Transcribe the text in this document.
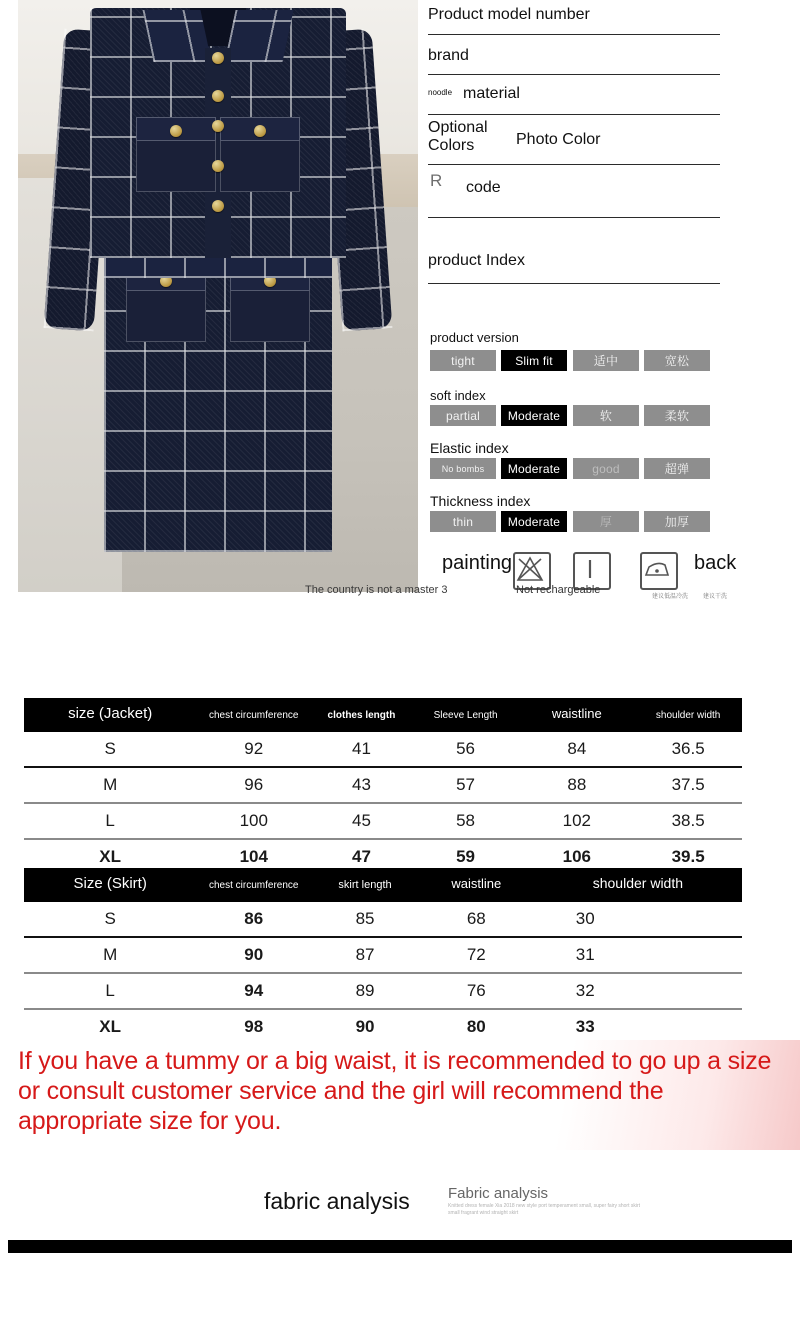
The country is not a master 3
Product model number
brand
noodle material
Optional Colors	Photo Color
R code
product Index
product version
tight	Slim fit	适中	宽松
soft index
partial	Moderate	软	柔软
Elastic index
No bombs	Moderate	good	超弹
Thickness index
thin	Moderate	厚	加厚
painting	back
Not rechargeable
建议低温冷洗 建议干洗
size (Jacket)	chest circumference	clothes length	Sleeve Length	waistline	shoulder width
S	92	41	56	84	36.5
M	96	43	57	88	37.5
L	100	45	58	102	38.5
XL	104	47	59	106	39.5
Size (Skirt)	chest circumference	skirt length	waistline	shoulder width
S	86	85	68	30
M	90	87	72	31
L	94	89	76	32
XL	98	90	80	33
If you have a tummy or a big waist, it is recommended to go up a size or consult customer service and the girl will recommend the appropriate size for you.
fabric analysis	Fabric analysis
Knitted dress female Xia 2018 new style port temperament small, super fairy short skirt small fragrant wind straight skirt
